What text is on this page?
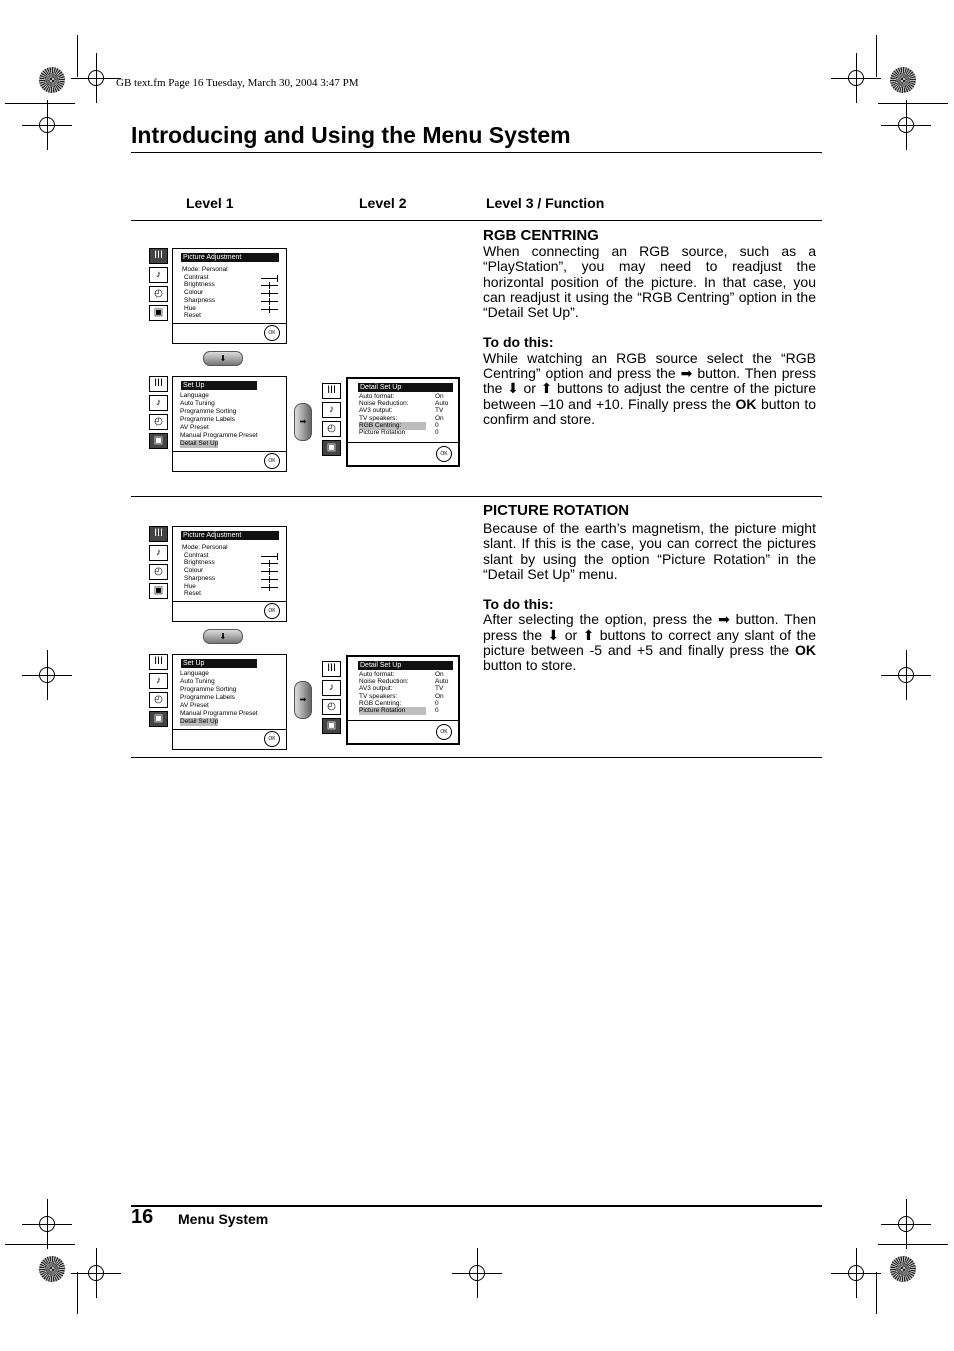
GB text.fm Page 16 Tuesday, March 30, 2004 3:47 PM
Introducing and Using the Menu System
Level 1	Level 2	Level 3 / Function
RGB CENTRING

When connecting an RGB source, such as a “PlayStation”, you may need to readjust the horizontal position of the picture. In that case, you can readjust it using the “RGB Centring” option in the “Detail Set Up”.

To do this:

While watching an RGB source select the “RGB Centring” option and press the ➡ button. Then press the ⬇ or ⬆ buttons to adjust the centre of the picture between –10 and +10. Finally press the OK button to confirm and store.

PICTURE ROTATION

Because of the earth’s magnetism, the picture might slant. If this is the case, you can correct the pictures slant by using the option “Picture Rotation” in the “Detail Set Up” menu.

To do this:

After selecting the option, press the ➡ button. Then press the ⬇ or ⬆ buttons to correct any slant of the picture between -5 and +5 and finally press the OK button to store.

ⅠⅠⅠ
♪
◴
▣
Picture Adjustment
Mode: Personal
Contrast
Brightness
Colour
Sharpness
Hue
Reset
OK
⬇
ⅠⅠⅠ
♪
◴
▣
Set Up
Language
Auto Tuning
Programme Sorting
Programme Labels
AV Preset
Manual Programme Preset
Detail Set Up
OK
➡
ⅠⅠⅠ
♪
◴
▣
Detail Set Up
Auto format:	On
Noise Reduction:	Auto
AV3 output:	TV
TV speakers:	On
RGB Centring:	0
Picture Rotation	0
OK
ⅠⅠⅠ
♪
◴
▣
Picture Adjustment
Mode: Personal
Contrast
Brightness
Colour
Sharpness
Hue
Reset
OK
⬇
ⅠⅠⅠ
♪
◴
▣
Set Up
Language
Auto Tuning
Programme Sorting
Programme Labels
AV Preset
Manual Programme Preset
Detail Set Up
OK
➡
ⅠⅠⅠ
♪
◴
▣
Detail Set Up
Auto format:	On
Noise Reduction:	Auto
AV3 output:	TV
TV speakers:	On
RGB Centring:	0
Picture Rotation	0
OK
16 Menu System
